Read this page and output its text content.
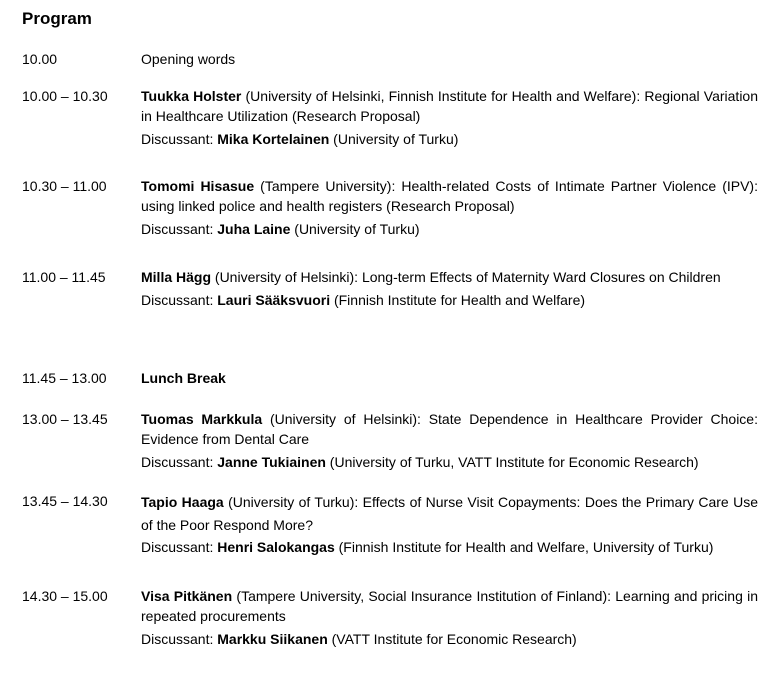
Program
10.00	Opening words
10.00 – 10.30	Tuukka Holster (University of Helsinki, Finnish Institute for Health and Welfare): Regional Variation in Healthcare Utilization (Research Proposal)
Discussant: Mika Kortelainen (University of Turku)
10.30 – 11.00	Tomomi Hisasue (Tampere University): Health-related Costs of Intimate Partner Violence (IPV): using linked police and health registers (Research Proposal)
Discussant: Juha Laine (University of Turku)
11.00 – 11.45	Milla Hägg (University of Helsinki): Long-term Effects of Maternity Ward Closures on Children
Discussant: Lauri Sääksvuori (Finnish Institute for Health and Welfare)
11.45 – 13.00	Lunch Break
13.00 – 13.45	Tuomas Markkula (University of Helsinki): State Dependence in Healthcare Provider Choice: Evidence from Dental Care
Discussant: Janne Tukiainen (University of Turku, VATT Institute for Economic Research)
13.45 – 14.30	Tapio Haaga (University of Turku): Effects of Nurse Visit Copayments: Does the Primary Care Use of the Poor Respond More?
Discussant: Henri Salokangas (Finnish Institute for Health and Welfare, University of Turku)
14.30 – 15.00	Visa Pitkänen (Tampere University, Social Insurance Institution of Finland): Learning and pricing in repeated procurements
Discussant: Markku Siikanen (VATT Institute for Economic Research)
